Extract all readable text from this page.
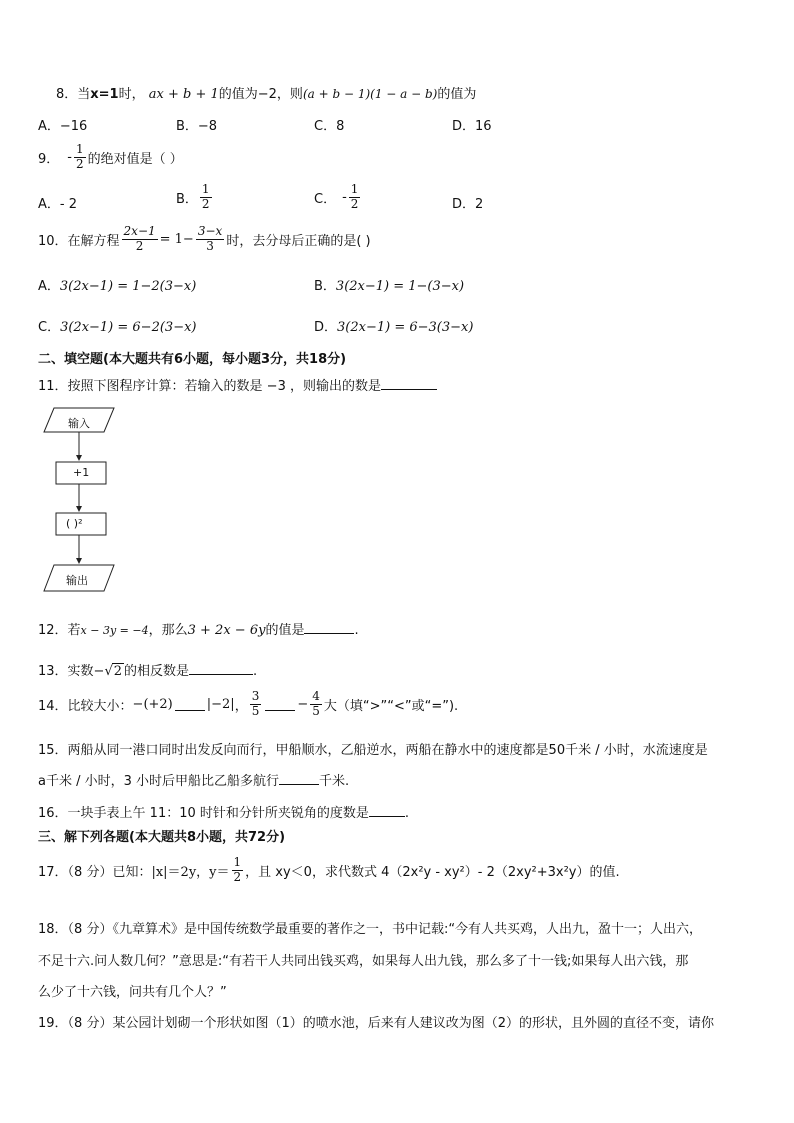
8．当x=1时， ax + b + 1的值为−2，则(a + b − 1)(1 − a − b)的值为
A．−16	B．−8	C．8	D．16
9． - $\frac{1}{2}$ 的绝对值是（ ）
A．- 2	B． $\frac{1}{2}$	C． - $\frac{1}{2}$	D．2
10．在解方程 $\frac{2x-1}{2} = 1- \frac{3-x}{3}$ 时，去分母后正确的是( )
A．3(2x−1) = 1−2(3−x)	B．3(2x−1) = 1−(3−x)
C．3(2x−1) = 6−2(3−x)	D．3(2x−1) = 6−3(3−x)
二、填空题(本大题共有6小题，每小题3分，共18分)
11．按照下图程序计算：若输入的数是 −3 ，则输出的数是
输入
+1
( )²
输出
12．若x − 3y = −4，那么3 + 2x − 6y的值是	.
13．实数−√2 的相反数是	.
14．比较大小： −(+2)	|−2| ， $\frac{3}{5}$	− $\frac{4}{5}$ 大（填“>”“<”或“=”).
15．两船从同一港口同时出发反向而行，甲船顺水，乙船逆水，两船在静水中的速度都是50千米 / 小时，水流速度是
a千米 / 小时，3 小时后甲船比乙船多航行	千米.
16．一块手表上午 11：10 时针和分针所夹锐角的度数是	.
三、解下列各题(本大题共8小题，共72分)
17．（8 分）已知： |x|＝2y，$y= \frac{1}{2}$ ，且 xy＜0，求代数式 4（2x²y - xy²）- 2（2xy²+3x²y）的值.
18．（8 分）《九章算术》是中国传统数学最重要的著作之一，书中记载:“今有人共买鸡，人出九，盈十一；人出六，
不足十六.问人数几何？”意思是:“有若干人共同出钱买鸡，如果每人出九钱，那么多了十一钱;如果每人出六钱，那
么少了十六钱，问共有几个人？”
19．（8 分）某公园计划砌一个形状如图（1）的喷水池，后来有人建议改为图（2）的形状，且外圆的直径不变，请你
